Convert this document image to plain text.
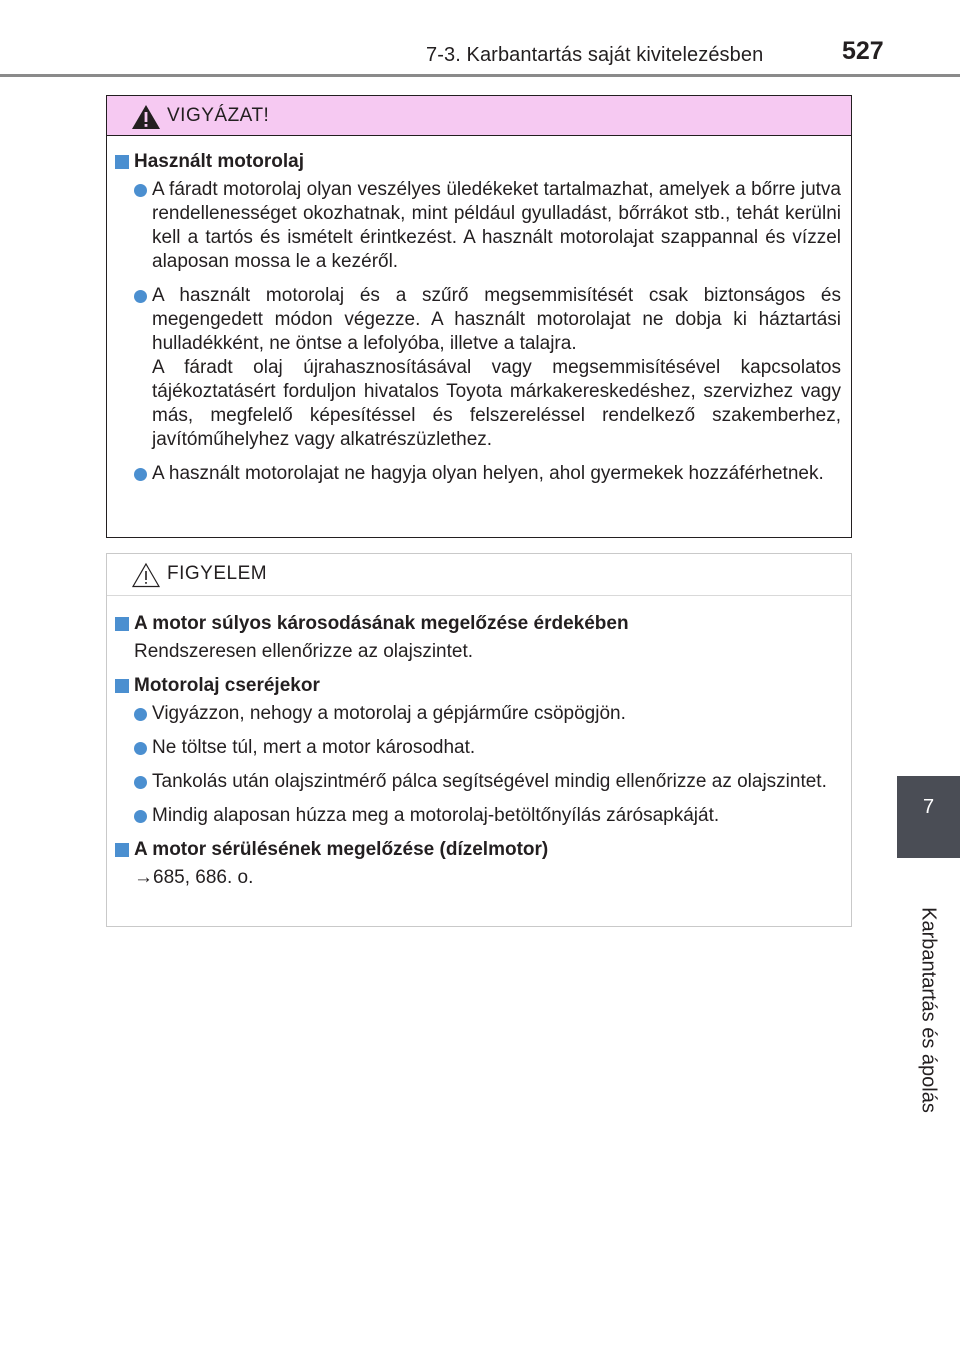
7-3. Karbantartás saját kivitelezésben	527
7
Karbantartás és ápolás
VIGYÁZAT!
Használt motorolaj

A fáradt motorolaj olyan veszélyes üledékeket tartalmazhat, amelyek a bőrre jutva rendellenességet okozhatnak, mint például gyulladást, bőrrákot stb., tehát kerülni kell a tartós és ismételt érintkezést. A használt motorolajat szappannal és vízzel alaposan mossa le a kezéről.

A használt motorolaj és a szűrő megsemmisítését csak biztonságos és megengedett módon végezze. A használt motorolajat ne dobja ki háztartási hulladékként, ne öntse a lefolyóba, illetve a talajra.

A fáradt olaj újrahasznosításával vagy megsemmisítésével kapcsolatos tájékoztatásért forduljon hivatalos Toyota márkakereskedéshez, szervizhez vagy más, megfelelő képesítéssel és felszereléssel rendelkező szakemberhez, javítóműhelyhez vagy alkatrészüzlethez.

A használt motorolajat ne hagyja olyan helyen, ahol gyermekek hozzáférhetnek.

FIGYELEM
A motor súlyos károsodásának megelőzése érdekében
Rendszeresen ellenőrizze az olajszintet.
Motorolaj cseréjekor
Vigyázzon, nehogy a motorolaj a gépjárműre csöpögjön.
Ne töltse túl, mert a motor károsodhat.
Tankolás után olajszintmérő pálca segítségével mindig ellenőrizze az olajszintet.
Mindig alaposan húzza meg a motorolaj-betöltőnyílás zárósapkáját.
A motor sérülésének megelőzése (dízelmotor)
→685, 686. o.
